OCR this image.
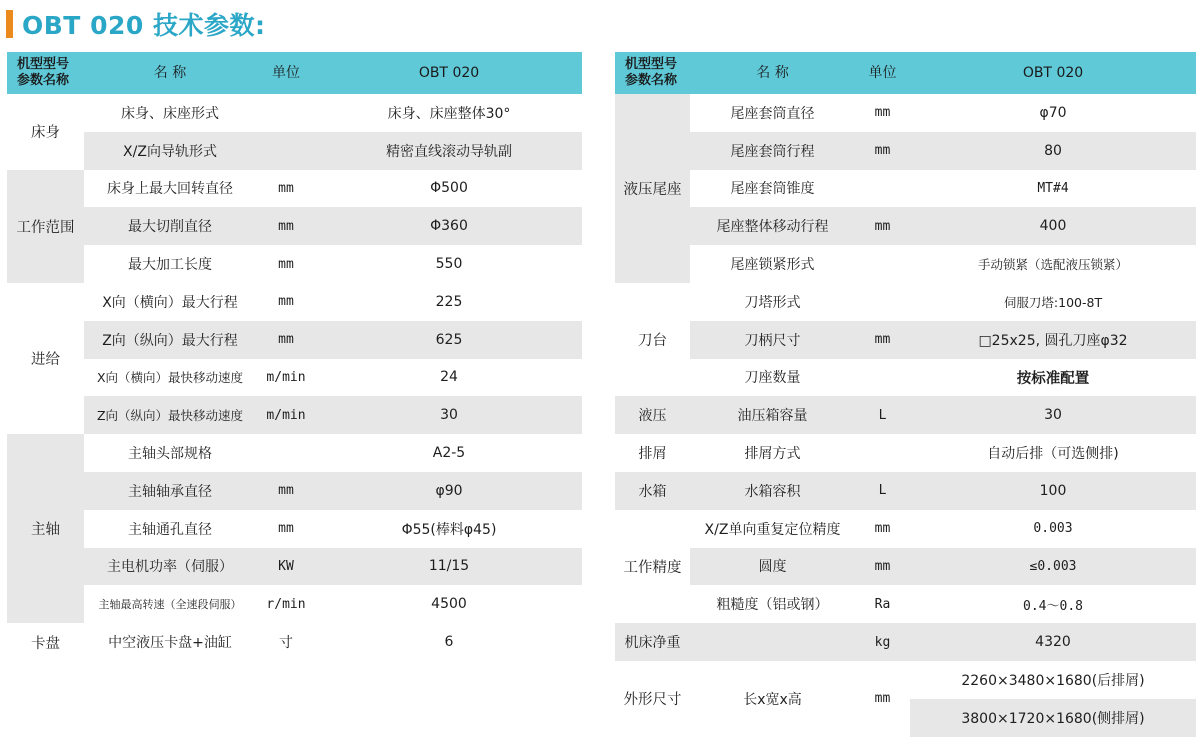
OBT 020 技术参数:
机型型号
参数名称	名 称	单位	OBT 020
床身	床身、床座形式		床身、床座整体30°
	X/Z向导轨形式		精密直线滚动导轨副
工作范围	床身上最大回转直径	mm	Φ500
	最大切削直径	mm	Φ360
	最大加工长度	mm	550
进给	X向（横向）最大行程	mm	225
	Z向（纵向）最大行程	mm	625
	X向（横向）最快移动速度	m/min	24
	Z向（纵向）最快移动速度	m/min	30
主轴	主轴头部规格		A2-5
	主轴轴承直径	mm	φ90
	主轴通孔直径	mm	Φ55(棒料φ45)
	主电机功率（伺服）	KW	11/15
	主轴最高转速（全速段伺服）	r/min	4500
卡盘	中空液压卡盘+油缸	寸	6
机型型号
参数名称	名 称	单位	OBT 020
液压尾座	尾座套筒直径	mm	φ70
	尾座套筒行程	mm	80
	尾座套筒锥度		MT#4
	尾座整体移动行程	mm	400
	尾座锁紧形式		手动锁紧（选配液压锁紧）
刀台	刀塔形式		伺服刀塔:100-8T
	刀柄尺寸	mm	□25x25, 圆孔刀座φ32
	刀座数量		按标准配置
液压	油压箱容量	L	30
排屑	排屑方式		自动后排（可选侧排)
水箱	水箱容积	L	100
工作精度	X/Z单向重复定位精度	mm	0.003
	圆度	mm	≤0.003
	粗糙度（铝或钢）	Ra	0.4～0.8
机床净重		kg	4320
外形尺寸	长x宽x高	mm	2260×3480×1680(后排屑)
			3800×1720×1680(侧排屑)
